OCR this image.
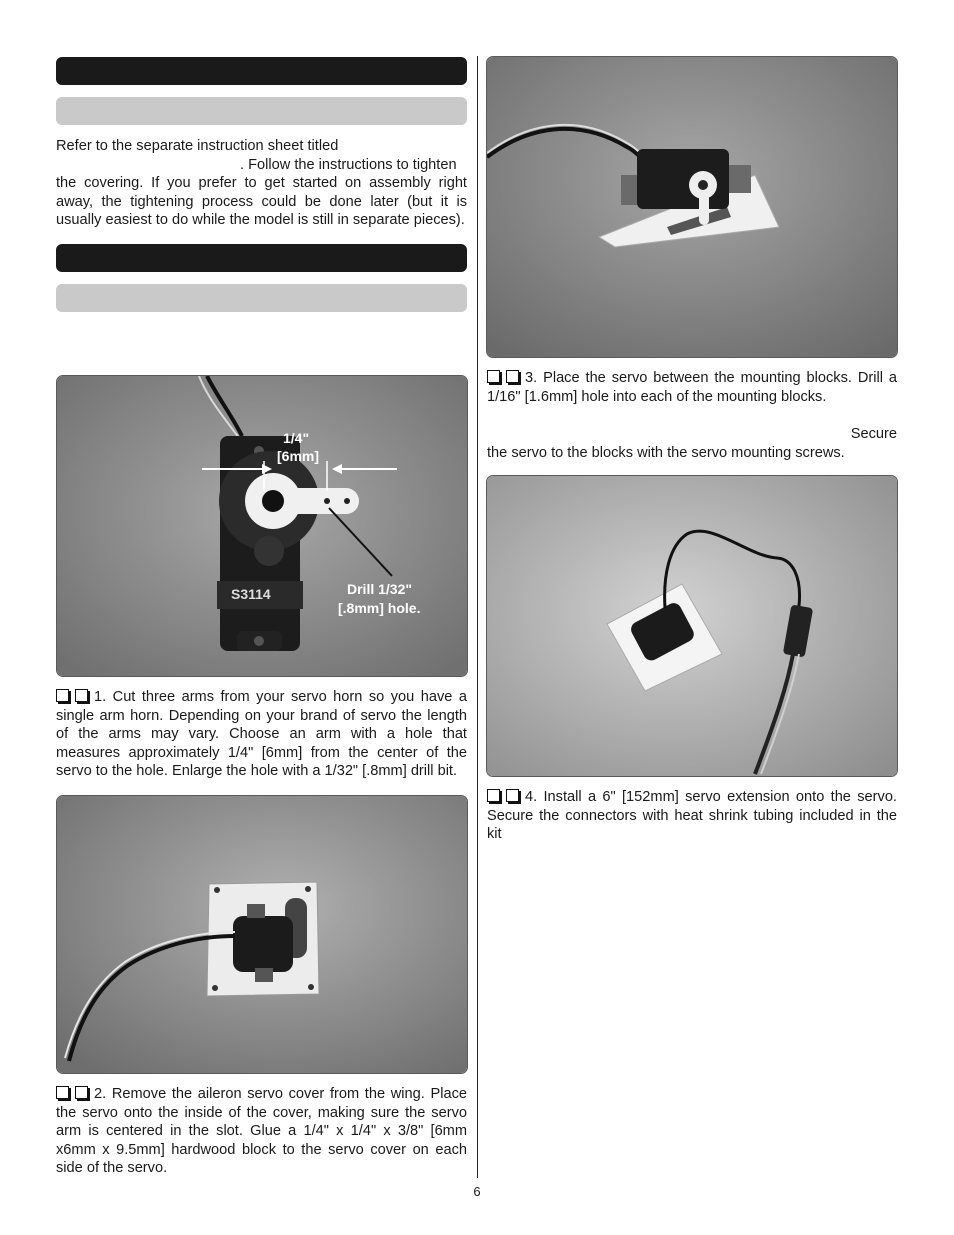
Refer to the separate instruction sheet titled
. Follow the instructions to tighten
the covering. If you prefer to get started on assembly right away, the tightening process could be done later (but it is usually easiest to do while the model is still in separate pieces).
1/4"
[6mm]
Drill 1/32"
[.8mm] hole.
S3114
1. Cut three arms from your servo horn so you have a single arm horn. Depending on your brand of servo the length of the arms may vary. Choose an arm with a hole that measures approximately 1/4" [6mm] from the center of the servo to the hole. Enlarge the hole with a 1/32" [.8mm] drill bit.
2. Remove the aileron servo cover from the wing. Place the servo onto the inside of the cover, making sure the servo arm is centered in the slot. Glue a 1/4" x 1/4" x 3/8" [6mm x6mm x 9.5mm] hardwood block to the servo cover on each side of the servo.
3. Place the servo between the mounting blocks. Drill a 1/16" [1.6mm] hole into each of the mounting blocks.
Secure
the servo to the blocks with the servo mounting screws.
4. Install a 6" [152mm] servo extension onto the servo. Secure the connectors with heat shrink tubing included in the kit
6
